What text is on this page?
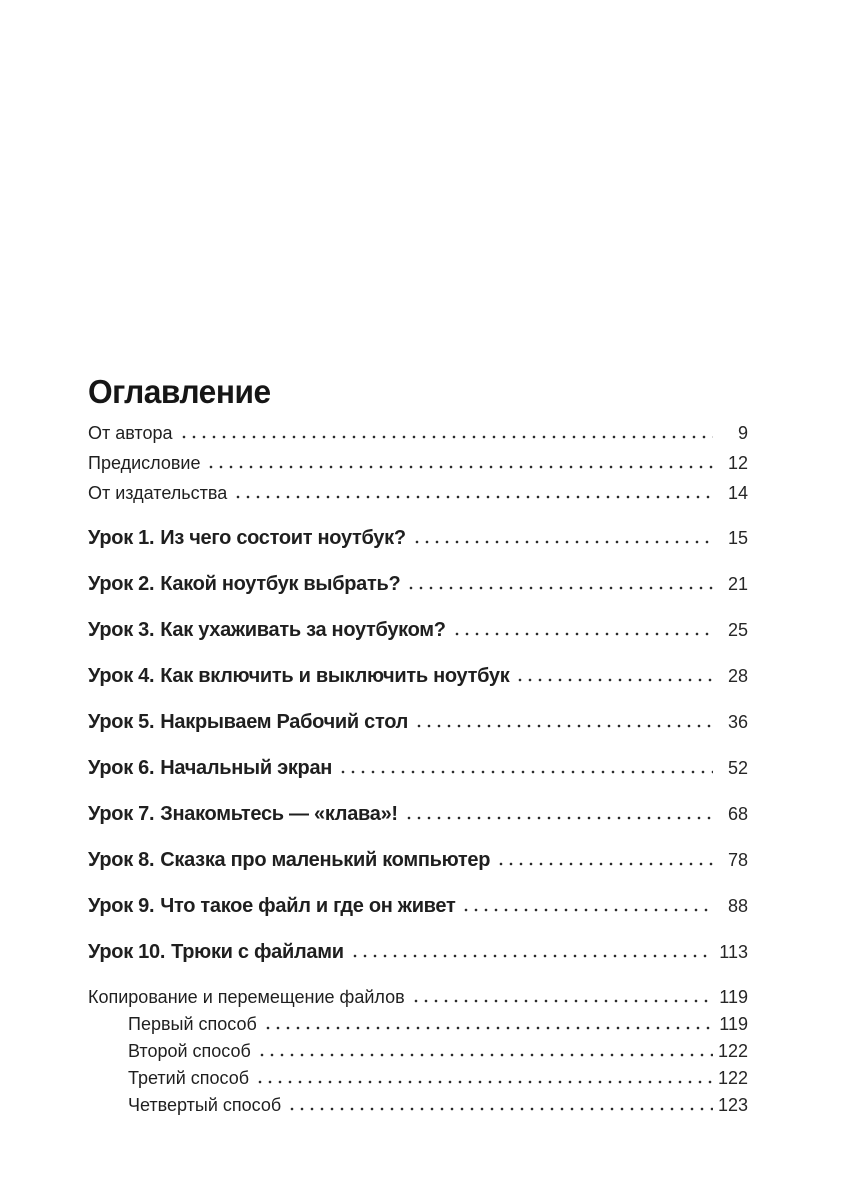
Оглавление
От автора	9
Предисловие	12
От издательства	14
Урок 1. Из чего состоит ноутбук?	15
Урок 2. Какой ноутбук выбрать?	21
Урок 3. Как ухаживать за ноутбуком?	25
Урок 4. Как включить и выключить ноутбук	28
Урок 5. Накрываем Рабочий стол	36
Урок 6. Начальный экран	52
Урок 7. Знакомьтесь — «клава»!	68
Урок 8. Сказка про маленький компьютер	78
Урок 9. Что такое файл и где он живет	88
Урок 10. Трюки с файлами	113
Копирование и перемещение файлов	119
Первый способ	119
Второй способ	122
Третий способ	122
Четвертый способ	123
